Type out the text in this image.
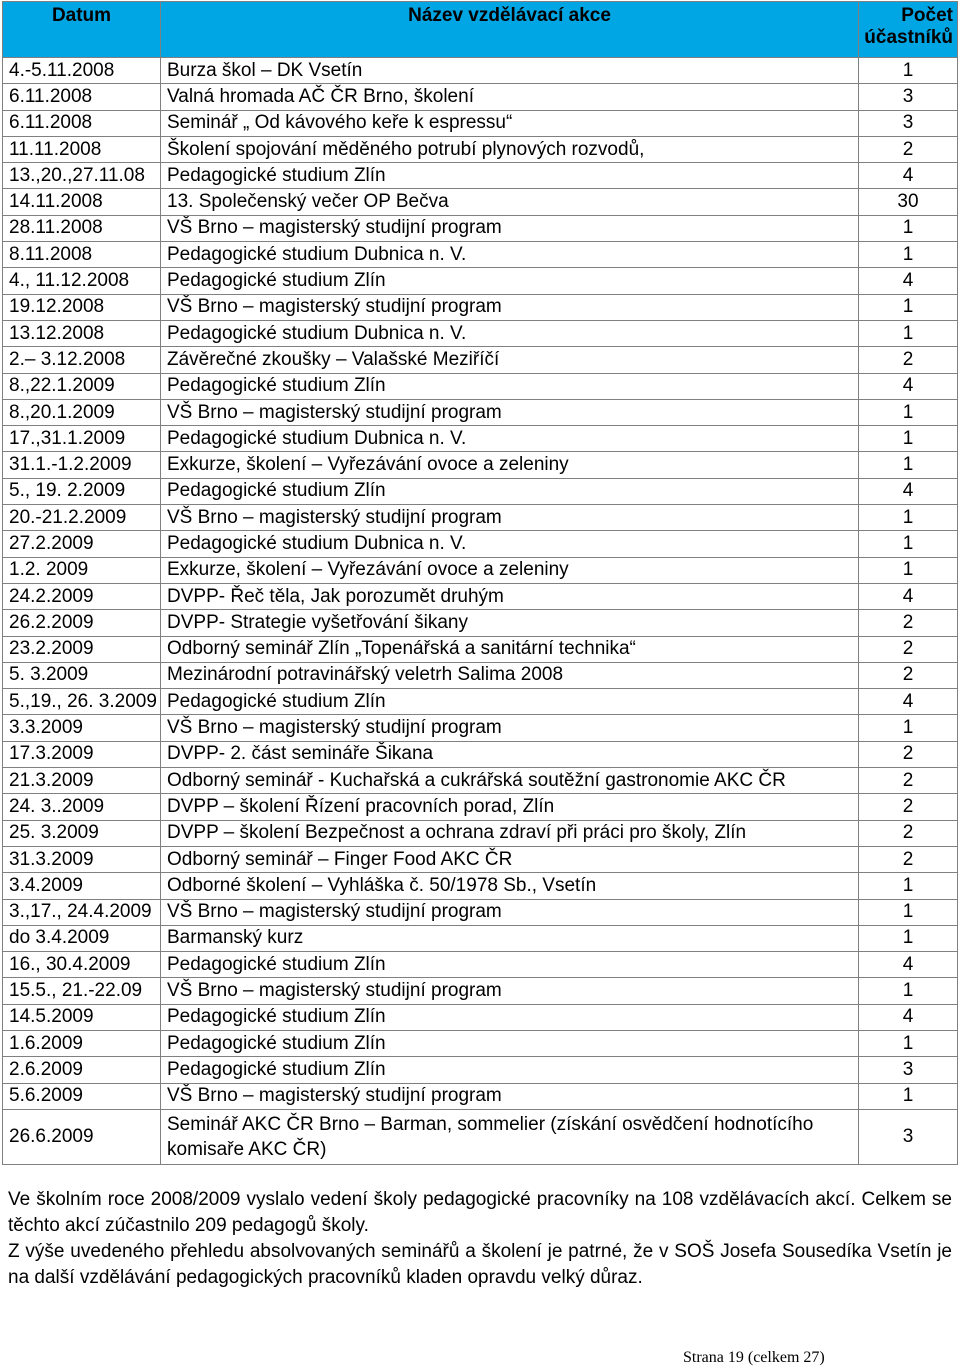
Datum	Název vzdělávací akce	Počet účastníků
4.-5.11.2008	Burza škol – DK Vsetín	1
6.11.2008	Valná hromada AČ ČR Brno, školení	3
6.11.2008	Seminář „ Od kávového keře k espressu“	3
11.11.2008	Školení spojování měděného potrubí plynových rozvodů,	2
13.,20.,27.11.08	Pedagogické studium Zlín	4
14.11.2008	13. Společenský večer OP Bečva	30
28.11.2008	VŠ Brno – magisterský studijní program	1
8.11.2008	Pedagogické studium Dubnica n. V.	1
4., 11.12.2008	Pedagogické studium Zlín	4
19.12.2008	VŠ Brno – magisterský studijní program	1
13.12.2008	Pedagogické studium Dubnica n. V.	1
2.– 3.12.2008	Závěrečné zkoušky – Valašské Meziříčí	2
8.,22.1.2009	Pedagogické studium Zlín	4
8.,20.1.2009	VŠ Brno – magisterský studijní program	1
17.,31.1.2009	Pedagogické studium Dubnica n. V.	1
31.1.-1.2.2009	Exkurze, školení – Vyřezávání ovoce a zeleniny	1
5., 19. 2.2009	Pedagogické studium Zlín	4
20.-21.2.2009	VŠ Brno – magisterský studijní program	1
27.2.2009	Pedagogické studium Dubnica n. V.	1
1.2. 2009	Exkurze, školení – Vyřezávání ovoce a zeleniny	1
24.2.2009	DVPP- Řeč těla, Jak porozumět druhým	4
26.2.2009	DVPP- Strategie vyšetřování šikany	2
23.2.2009	Odborný seminář Zlín „Topenářská a sanitární technika“	2
5. 3.2009	Mezinárodní potravinářský veletrh Salima 2008	2
5.,19., 26. 3.2009	Pedagogické studium Zlín	4
3.3.2009	VŠ Brno – magisterský studijní program	1
17.3.2009	DVPP- 2. část semináře Šikana	2
21.3.2009	Odborný seminář - Kuchařská a cukrářská soutěžní gastronomie AKC ČR	2
24. 3..2009	DVPP – školení Řízení pracovních porad, Zlín	2
25. 3.2009	DVPP – školení Bezpečnost a ochrana zdraví při práci pro školy, Zlín	2
31.3.2009	Odborný seminář – Finger Food AKC ČR	2
3.4.2009	Odborné školení – Vyhláška č. 50/1978 Sb., Vsetín	1
3.,17., 24.4.2009	VŠ Brno – magisterský studijní program	1
do 3.4.2009	Barmanský kurz	1
16., 30.4.2009	Pedagogické studium Zlín	4
15.5., 21.-22.09	VŠ Brno – magisterský studijní program	1
14.5.2009	Pedagogické studium Zlín	4
1.6.2009	Pedagogické studium Zlín	1
2.6.2009	Pedagogické studium Zlín	3
5.6.2009	VŠ Brno – magisterský studijní program	1
26.6.2009	Seminář AKC ČR Brno – Barman, sommelier (získání osvědčení hodnotícího komisaře AKC ČR)	3

Ve školním roce 2008/2009 vyslalo vedení školy pedagogické pracovníky na 108 vzdělávacích akcí. Celkem se těchto akcí zúčastnilo 209 pedagogů školy.

Z výše uvedeného přehledu absolvovaných seminářů a školení je patrné, že v SOŠ Josefa Sousedíka Vsetín je na další vzdělávání pedagogických pracovníků kladen opravdu velký důraz.

Strana 19 (celkem 27)
